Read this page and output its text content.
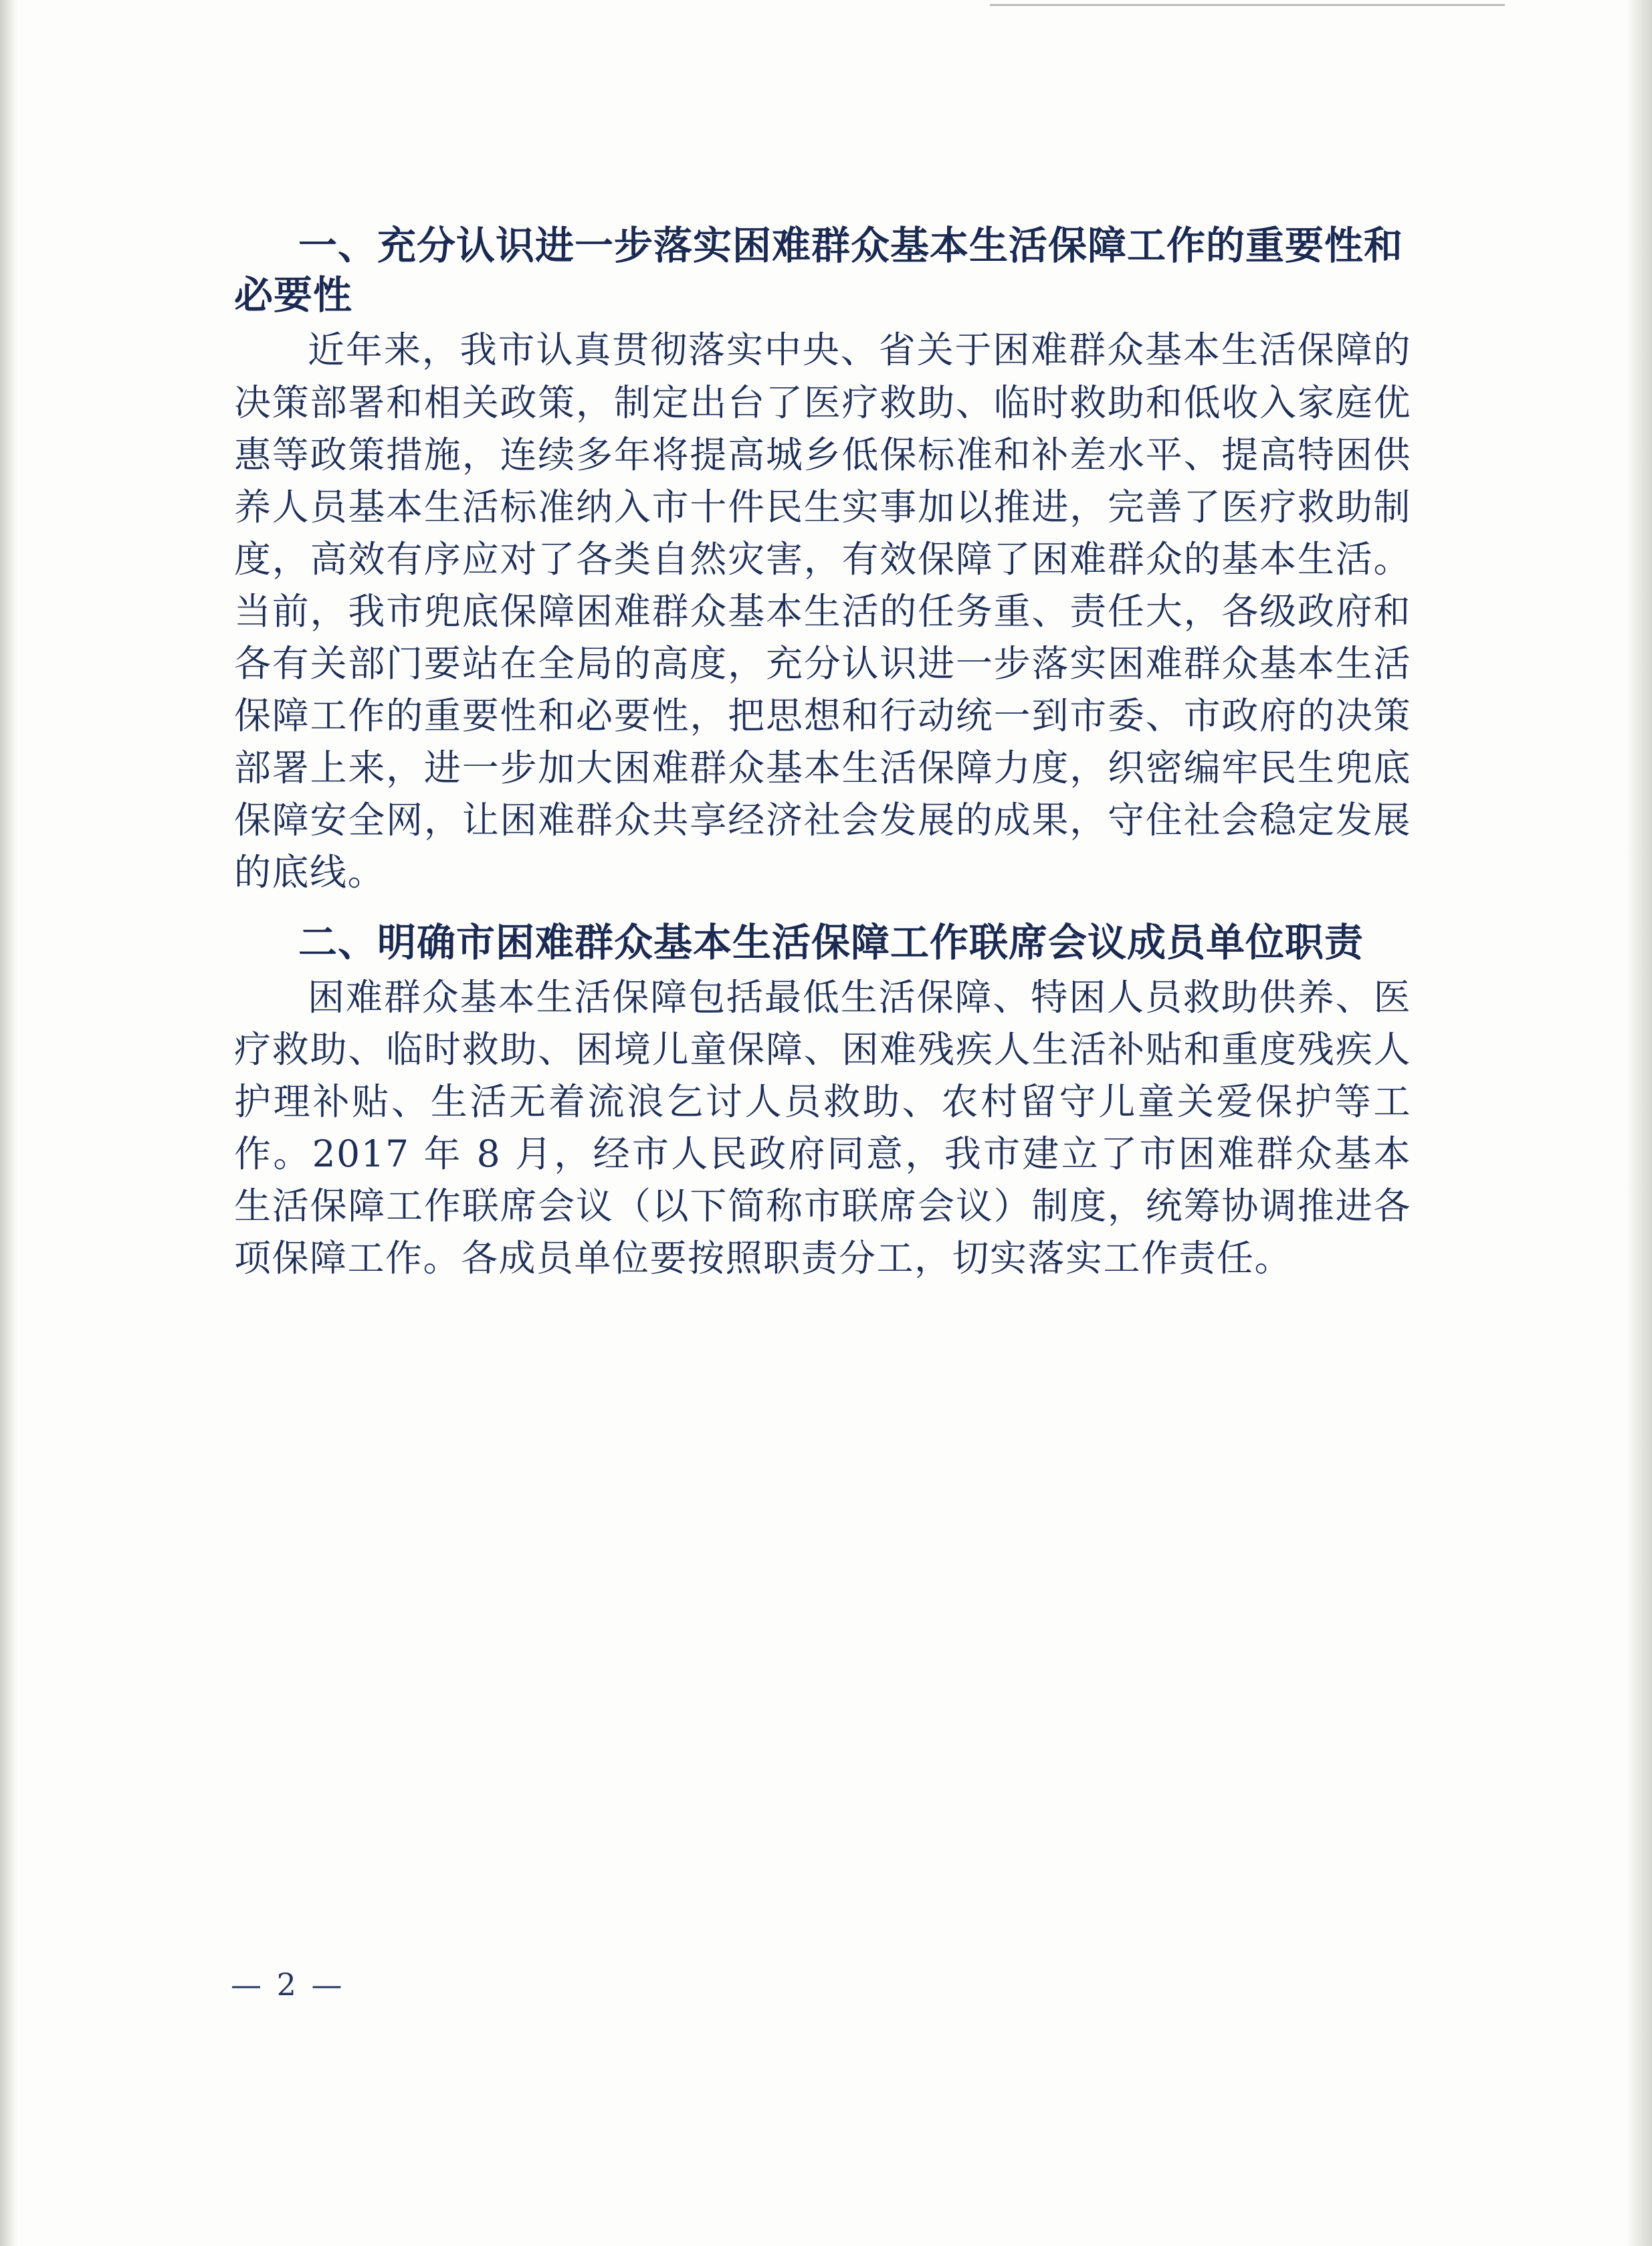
一、充分认识进一步落实困难群众基本生活保障工作的重要性和必要性

近年来，我市认真贯彻落实中央、省关于困难群众基本生活保障的决策部署和相关政策，制定出台了医疗救助、临时救助和低收入家庭优惠等政策措施，连续多年将提高城乡低保标准和补差水平、提高特困供养人员基本生活标准纳入市十件民生实事加以推进，完善了医疗救助制度，高效有序应对了各类自然灾害，有效保障了困难群众的基本生活。当前，我市兜底保障困难群众基本生活的任务重、责任大，各级政府和各有关部门要站在全局的高度，充分认识进一步落实困难群众基本生活保障工作的重要性和必要性，把思想和行动统一到市委、市政府的决策部署上来，进一步加大困难群众基本生活保障力度，织密编牢民生兜底保障安全网，让困难群众共享经济社会发展的成果，守住社会稳定发展的底线。

二、明确市困难群众基本生活保障工作联席会议成员单位职责

困难群众基本生活保障包括最低生活保障、特困人员救助供养、医疗救助、临时救助、困境儿童保障、困难残疾人生活补贴和重度残疾人护理补贴、生活无着流浪乞讨人员救助、农村留守儿童关爱保护等工作。2017 年 8 月，经市人民政府同意，我市建立了市困难群众基本生活保障工作联席会议（以下简称市联席会议）制度，统筹协调推进各项保障工作。各成员单位要按照职责分工，切实落实工作责任。

— 2 —
